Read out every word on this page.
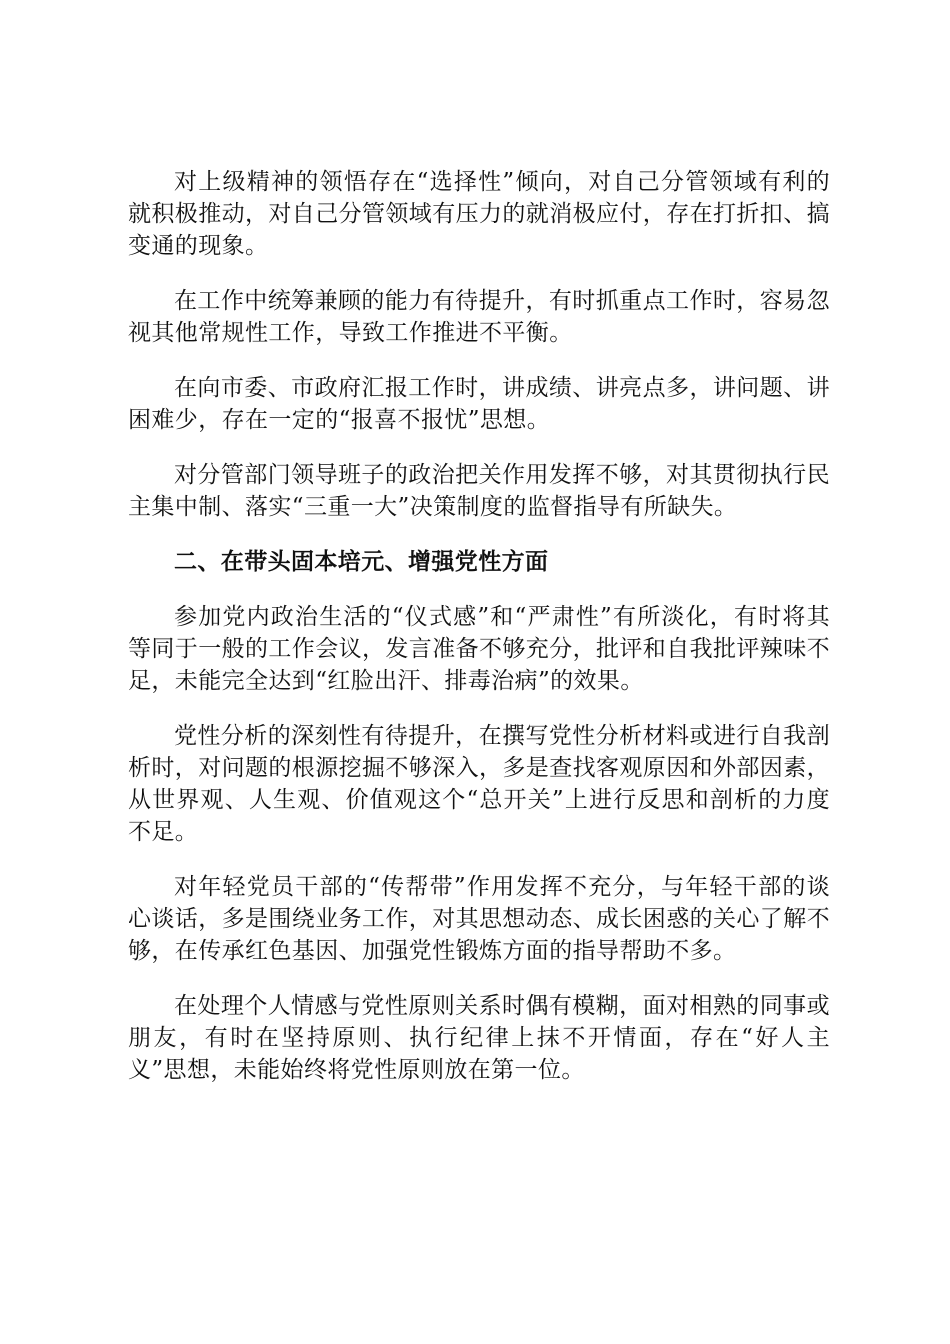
对上级精神的领悟存在“选择性”倾向，对自己分管领域有利的就积极推动，对自己分管领域有压力的就消极应付，存在打折扣、搞变通的现象。

在工作中统筹兼顾的能力有待提升，有时抓重点工作时，容易忽视其他常规性工作，导致工作推进不平衡。

在向市委、市政府汇报工作时，讲成绩、讲亮点多，讲问题、讲困难少，存在一定的“报喜不报忧”思想。

对分管部门领导班子的政治把关作用发挥不够，对其贯彻执行民主集中制、落实“三重一大”决策制度的监督指导有所缺失。

二、在带头固本培元、增强党性方面

参加党内政治生活的“仪式感”和“严肃性”有所淡化，有时将其等同于一般的工作会议，发言准备不够充分，批评和自我批评辣味不足，未能完全达到“红脸出汗、排毒治病”的效果。

党性分析的深刻性有待提升，在撰写党性分析材料或进行自我剖析时，对问题的根源挖掘不够深入，多是查找客观原因和外部因素，从世界观、人生观、价值观这个“总开关”上进行反思和剖析的力度不足。

对年轻党员干部的“传帮带”作用发挥不充分，与年轻干部的谈心谈话，多是围绕业务工作，对其思想动态、成长困惑的关心了解不够，在传承红色基因、加强党性锻炼方面的指导帮助不多。

在处理个人情感与党性原则关系时偶有模糊，面对相熟的同事或朋友，有时在坚持原则、执行纪律上抹不开情面，存在“好人主义”思想，未能始终将党性原则放在第一位。
